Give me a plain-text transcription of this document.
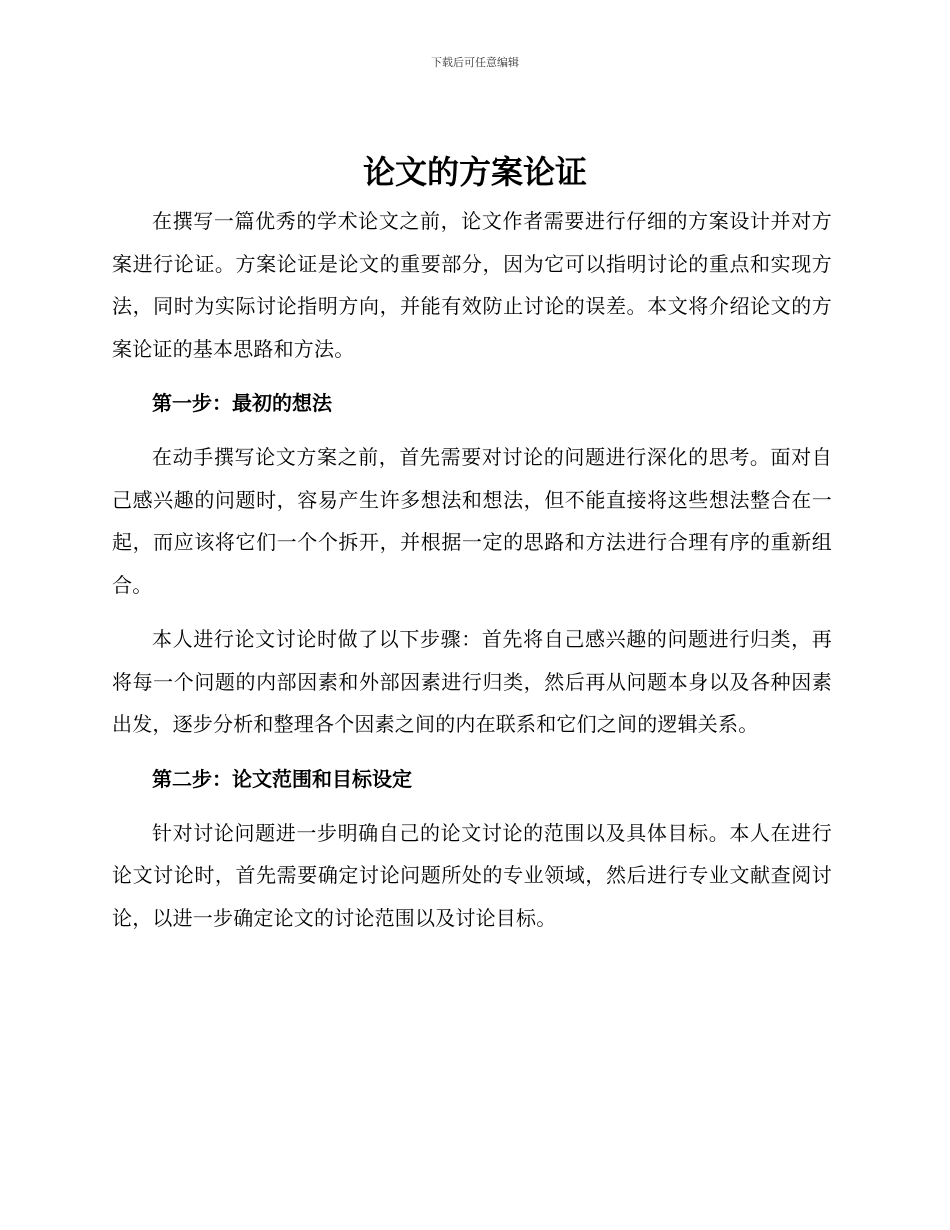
下载后可任意编辑
论文的方案论证

在撰写一篇优秀的学术论文之前，论文作者需要进行仔细的方案设计并对方案进行论证。方案论证是论文的重要部分，因为它可以指明讨论的重点和实现方法，同时为实际讨论指明方向，并能有效防止讨论的误差。本文将介绍论文的方案论证的基本思路和方法。

第一步：最初的想法

在动手撰写论文方案之前，首先需要对讨论的问题进行深化的思考。面对自己感兴趣的问题时，容易产生许多想法和想法，但不能直接将这些想法整合在一起，而应该将它们一个个拆开，并根据一定的思路和方法进行合理有序的重新组合。

本人进行论文讨论时做了以下步骤：首先将自己感兴趣的问题进行归类，再将每一个问题的内部因素和外部因素进行归类，然后再从问题本身以及各种因素出发，逐步分析和整理各个因素之间的内在联系和它们之间的逻辑关系。

第二步：论文范围和目标设定

针对讨论问题进一步明确自己的论文讨论的范围以及具体目标。本人在进行论文讨论时，首先需要确定讨论问题所处的专业领域，然后进行专业文献查阅讨论，以进一步确定论文的讨论范围以及讨论目标。
